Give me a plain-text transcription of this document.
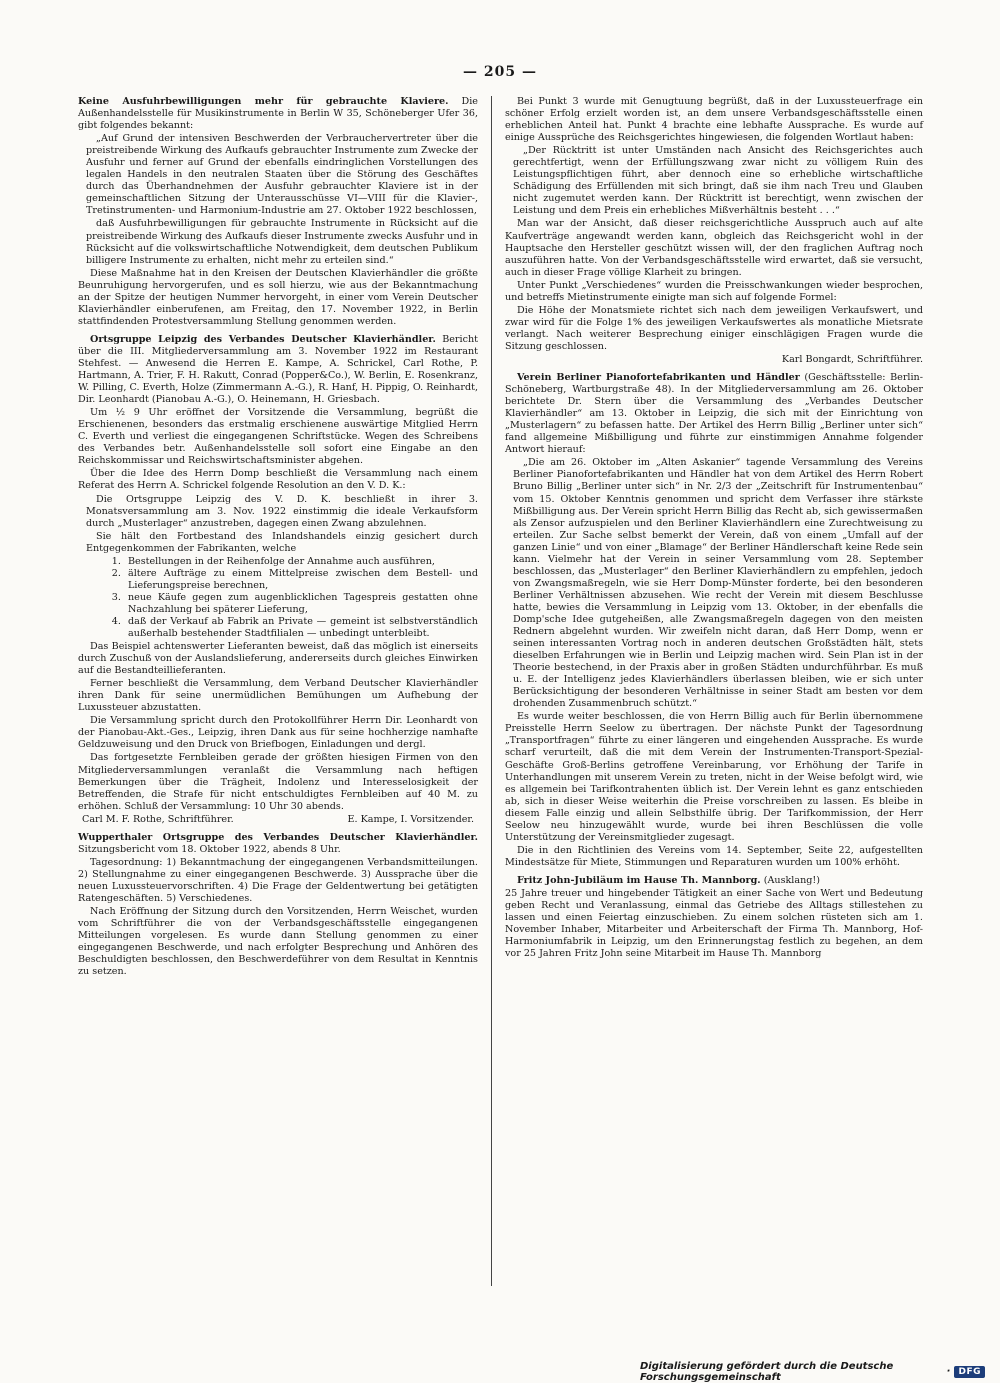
— 205 —

Keine Ausfuhrbewilligungen mehr für gebrauchte Klaviere. Die Außenhandelsstelle für Musikinstrumente in Berlin W 35, Schöneberger Ufer 36, gibt folgendes bekannt:

„Auf Grund der intensiven Beschwerden der Verbrauchervertreter über die preistreibende Wirkung des Aufkaufs gebrauchter Instrumente zum Zwecke der Ausfuhr und ferner auf Grund der ebenfalls eindringlichen Vorstellungen des legalen Handels in den neutralen Staaten über die Störung des Geschäftes durch das Überhandnehmen der Ausfuhr gebrauchter Klaviere ist in der gemeinschaftlichen Sitzung der Unterausschüsse VI—VIII für die Klavier-, Tretinstrumenten- und Harmonium-Industrie am 27. Oktober 1922 beschlossen,

daß Ausfuhrbewilligungen für gebrauchte Instrumente in Rücksicht auf die preistreibende Wirkung des Aufkaufs dieser Instrumente zwecks Ausfuhr und in Rücksicht auf die volkswirtschaftliche Notwendigkeit, dem deutschen Publikum billigere Instrumente zu erhalten, nicht mehr zu erteilen sind.“

Diese Maßnahme hat in den Kreisen der Deutschen Klavierhändler die größte Beunruhigung hervorgerufen, und es soll hierzu, wie aus der Bekanntmachung an der Spitze der heutigen Nummer hervorgeht, in einer vom Verein Deutscher Klavierhändler einberufenen, am Freitag, den 17. November 1922, in Berlin stattfindenden Protestversammlung Stellung genommen werden.

Ortsgruppe Leipzig des Verbandes Deutscher Klavierhändler. Bericht über die III. Mitgliederversammlung am 3. November 1922 im Restaurant Stehfest. — Anwesend die Herren E. Kampe, A. Schrickel, Carl Rothe, P. Hartmann, A. Trier, F. H. Rakutt, Conrad (Popper&Co.), W. Berlin, E. Rosenkranz, W. Pilling, C. Everth, Holze (Zimmermann A.-G.), R. Hanf, H. Pippig, O. Reinhardt, Dir. Leonhardt (Pianobau A.-G.), O. Heinemann, H. Griesbach.

Um ½ 9 Uhr eröffnet der Vorsitzende die Versammlung, begrüßt die Erschienenen, besonders das erstmalig erschienene auswärtige Mitglied Herrn C. Everth und verliest die eingegangenen Schriftstücke. Wegen des Schreibens des Verbandes betr. Außenhandelsstelle soll sofort eine Eingabe an den Reichskommissar und Reichswirtschaftsminister abgehen.

Über die Idee des Herrn Domp beschließt die Versammlung nach einem Referat des Herrn A. Schrickel folgende Resolution an den V. D. K.:

Die Ortsgruppe Leipzig des V. D. K. beschließt in ihrer 3. Monatsversammlung am 3. Nov. 1922 einstimmig die ideale Verkaufsform durch „Musterlager“ anzustreben, dagegen einen Zwang abzulehnen.

Sie hält den Fortbestand des Inlandshandels einzig gesichert durch Entgegenkommen der Fabrikanten, welche

1. Bestellungen in der Reihenfolge der Annahme auch ausführen,
2. ältere Aufträge zu einem Mittelpreise zwischen dem Bestell- und Lieferungspreise berechnen,
3. neue Käufe gegen zum augenblicklichen Tagespreis gestatten ohne Nachzahlung bei späterer Lieferung,
4. daß der Verkauf ab Fabrik an Private — gemeint ist selbstverständlich außerhalb bestehender Stadtfilialen — unbedingt unterbleibt.

Das Beispiel achtenswerter Lieferanten beweist, daß das möglich ist einerseits durch Zuschuß von der Auslandslieferung, andererseits durch gleiches Einwirken auf die Bestandteillieferanten.

Ferner beschließt die Versammlung, dem Verband Deutscher Klavierhändler ihren Dank für seine unermüdlichen Bemühungen um Aufhebung der Luxussteuer abzustatten.

Die Versammlung spricht durch den Protokollführer Herrn Dir. Leonhardt von der Pianobau-Akt.-Ges., Leipzig, ihren Dank aus für seine hochherzige namhafte Geldzuweisung und den Druck von Briefbogen, Einladungen und dergl.

Das fortgesetzte Fernbleiben gerade der größten hiesigen Firmen von den Mitgliederversammlungen veranlaßt die Versammlung nach heftigen Bemerkungen über die Trägheit, Indolenz und Interesselosigkeit der Betreffenden, die Strafe für nicht entschuldigtes Fernbleiben auf 40 M. zu erhöhen. Schluß der Versammlung: 10 Uhr 30 abends.

Carl M. F. Rothe, Schriftführer.	E. Kampe, I. Vorsitzender.

Wupperthaler Ortsgruppe des Verbandes Deutscher Klavierhändler. Sitzungsbericht vom 18. Oktober 1922, abends 8 Uhr.

Tagesordnung: 1) Bekanntmachung der eingegangenen Verbandsmitteilungen. 2) Stellungnahme zu einer eingegangenen Beschwerde. 3) Aussprache über die neuen Luxussteuervorschriften. 4) Die Frage der Geldentwertung bei getätigten Ratengeschäften. 5) Verschiedenes.

Nach Eröffnung der Sitzung durch den Vorsitzenden, Herrn Weischet, wurden vom Schriftführer die von der Verbandsgeschäftsstelle eingegangenen Mitteilungen vorgelesen. Es wurde dann Stellung genommen zu einer eingegangenen Beschwerde, und nach erfolgter Besprechung und Anhören des Beschuldigten beschlossen, den Beschwerdeführer von dem Resultat in Kenntnis zu setzen.

Bei Punkt 3 wurde mit Genugtuung begrüßt, daß in der Luxussteuerfrage ein schöner Erfolg erzielt worden ist, an dem unsere Verbandsgeschäftsstelle einen erheblichen Anteil hat. Punkt 4 brachte eine lebhafte Aussprache. Es wurde auf einige Aussprüche des Reichsgerichtes hingewiesen, die folgenden Wortlaut haben:

„Der Rücktritt ist unter Umständen nach Ansicht des Reichsgerichtes auch gerechtfertigt, wenn der Erfüllungszwang zwar nicht zu völligem Ruin des Leistungspflichtigen führt, aber dennoch eine so erhebliche wirtschaftliche Schädigung des Erfüllenden mit sich bringt, daß sie ihm nach Treu und Glauben nicht zugemutet werden kann. Der Rücktritt ist berechtigt, wenn zwischen der Leistung und dem Preis ein erhebliches Mißverhältnis besteht . . .“

Man war der Ansicht, daß dieser reichsgerichtliche Ausspruch auch auf alte Kaufverträge angewandt werden kann, obgleich das Reichsgericht wohl in der Hauptsache den Hersteller geschützt wissen will, der den fraglichen Auftrag noch auszuführen hatte. Von der Verbandsgeschäftsstelle wird erwartet, daß sie versucht, auch in dieser Frage völlige Klarheit zu bringen.

Unter Punkt „Verschiedenes“ wurden die Preisschwankungen wieder besprochen, und betreffs Mietinstrumente einigte man sich auf folgende Formel:

Die Höhe der Monatsmiete richtet sich nach dem jeweiligen Verkaufswert, und zwar wird für die Folge 1% des jeweiligen Verkaufswertes als monatliche Mietsrate verlangt. Nach weiterer Besprechung einiger einschlägigen Fragen wurde die Sitzung geschlossen.

Karl Bongardt, Schriftführer.

Verein Berliner Pianofortefabrikanten und Händler (Geschäftsstelle: Berlin-Schöneberg, Wartburgstraße 48). In der Mitgliederversammlung am 26. Oktober berichtete Dr. Stern über die Versammlung des „Verbandes Deutscher Klavierhändler“ am 13. Oktober in Leipzig, die sich mit der Einrichtung von „Musterlagern“ zu befassen hatte. Der Artikel des Herrn Billig „Berliner unter sich“ fand allgemeine Mißbilligung und führte zur einstimmigen Annahme folgender Antwort hierauf:

„Die am 26. Oktober im „Alten Askanier“ tagende Versammlung des Vereins Berliner Pianofortefabrikanten und Händler hat von dem Artikel des Herrn Robert Bruno Billig „Berliner unter sich“ in Nr. 2/3 der „Zeitschrift für Instrumentenbau“ vom 15. Oktober Kenntnis genommen und spricht dem Verfasser ihre stärkste Mißbilligung aus. Der Verein spricht Herrn Billig das Recht ab, sich gewissermaßen als Zensor aufzuspielen und den Berliner Klavierhändlern eine Zurechtweisung zu erteilen. Zur Sache selbst bemerkt der Verein, daß von einem „Umfall auf der ganzen Linie“ und von einer „Blamage“ der Berliner Händlerschaft keine Rede sein kann. Vielmehr hat der Verein in seiner Versammlung vom 28. September beschlossen, das „Musterlager“ den Berliner Klavierhändlern zu empfehlen, jedoch von Zwangsmaßregeln, wie sie Herr Domp-Münster forderte, bei den besonderen Berliner Verhältnissen abzusehen. Wie recht der Verein mit diesem Beschlusse hatte, bewies die Versammlung in Leipzig vom 13. Oktober, in der ebenfalls die Domp'sche Idee gutgeheißen, alle Zwangsmaßregeln dagegen von den meisten Rednern abgelehnt wurden. Wir zweifeln nicht daran, daß Herr Domp, wenn er seinen interessanten Vortrag noch in anderen deutschen Großstädten hält, stets dieselben Erfahrungen wie in Berlin und Leipzig machen wird. Sein Plan ist in der Theorie bestechend, in der Praxis aber in großen Städten undurchführbar. Es muß u. E. der Intelligenz jedes Klavierhändlers überlassen bleiben, wie er sich unter Berücksichtigung der besonderen Verhältnisse in seiner Stadt am besten vor dem drohenden Zusammenbruch schützt.“

Es wurde weiter beschlossen, die von Herrn Billig auch für Berlin übernommene Preisstelle Herrn Seelow zu übertragen. Der nächste Punkt der Tagesordnung „Transportfragen“ führte zu einer längeren und eingehenden Aussprache. Es wurde scharf verurteilt, daß die mit dem Verein der Instrumenten-Transport-Spezial-Geschäfte Groß-Berlins getroffene Vereinbarung, vor Erhöhung der Tarife in Unterhandlungen mit unserem Verein zu treten, nicht in der Weise befolgt wird, wie es allgemein bei Tarifkontrahenten üblich ist. Der Verein lehnt es ganz entschieden ab, sich in dieser Weise weiterhin die Preise vorschreiben zu lassen. Es bleibe in diesem Falle einzig und allein Selbsthilfe übrig. Der Tarifkommission, der Herr Seelow neu hinzugewählt wurde, wurde bei ihren Beschlüssen die volle Unterstützung der Vereinsmitglieder zugesagt.

Die in den Richtlinien des Vereins vom 14. September, Seite 22, aufgestellten Mindestsätze für Miete, Stimmungen und Reparaturen wurden um 100% erhöht.

Fritz John-Jubiläum im Hause Th. Mannborg. (Ausklang!)

25 Jahre treuer und hingebender Tätigkeit an einer Sache von Wert und Bedeutung geben Recht und Veranlassung, einmal das Getriebe des Alltags stillestehen zu lassen und einen Feiertag einzuschieben. Zu einem solchen rüsteten sich am 1. November Inhaber, Mitarbeiter und Arbeiterschaft der Firma Th. Mannborg, Hof-Harmoniumfabrik in Leipzig, um den Erinnerungstag festlich zu begehen, an dem vor 25 Jahren Fritz John seine Mitarbeit im Hause Th. Mannborg

Digitalisierung gefördert durch die Deutsche Forschungsgemeinschaft	· DFG
